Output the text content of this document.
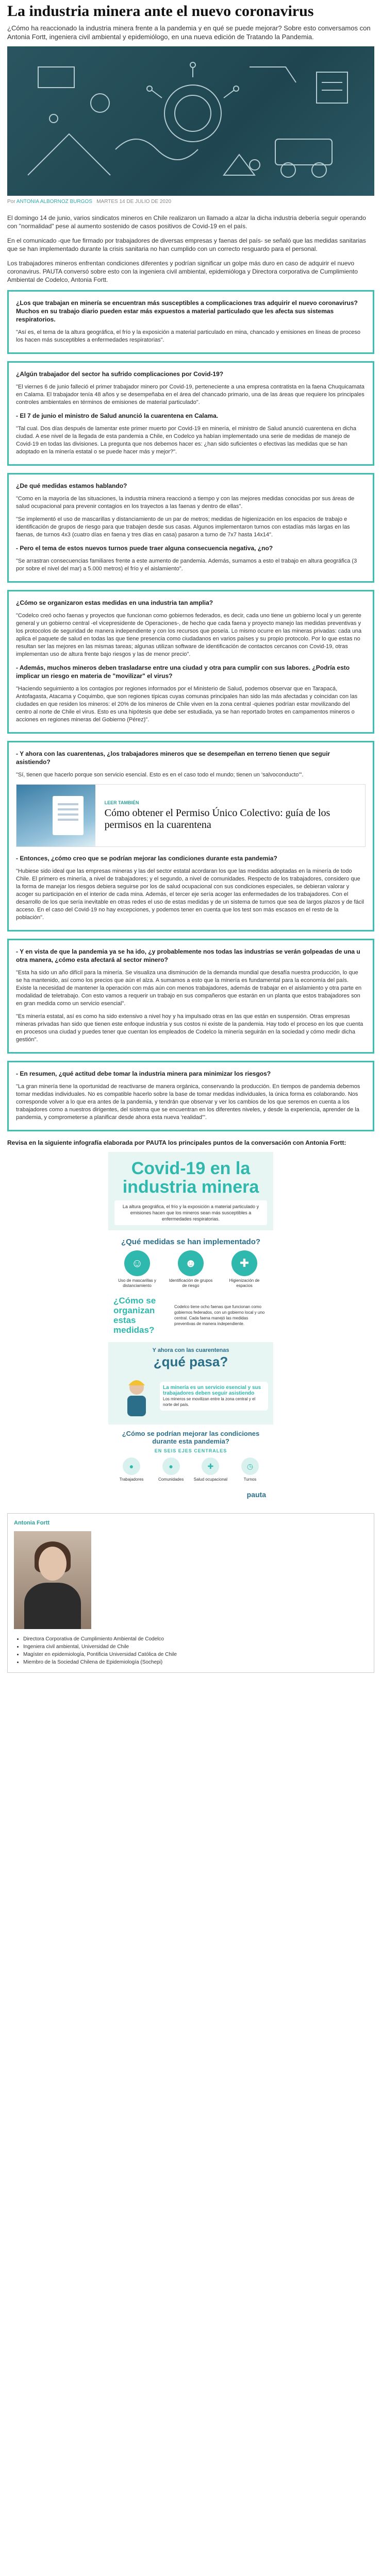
La industria minera ante el nuevo coronavirus

¿Cómo ha reaccionado la industria minera frente a la pandemia y en qué se puede mejorar? Sobre esto conversamos con Antonia Fortt, ingeniera civil ambiental y epidemiólogo, en una nueva edición de Tratando la Pandemia.

Por ANTONIA ALBORNOZ BURGOS MARTES 14 DE JULIO DE 2020

El domingo 14 de junio, varios sindicatos mineros en Chile realizaron un llamado a alzar la dicha industria debería seguir operando con "normalidad" pese al aumento sostenido de casos positivos de Covid-19 en el país.

En el comunicado -que fue firmado por trabajadores de diversas empresas y faenas del país- se señaló que las medidas sanitarias que se han implementado durante la crisis sanitaria no han cumplido con un correcto resguardo para el personal.

Los trabajadores mineros enfrentan condiciones diferentes y podrían significar un golpe más duro en caso de adquirir el nuevo coronavirus. PAUTA conversó sobre esto con la ingeniera civil ambiental, epidemióloga y Directora corporativa de Cumplimiento Ambiental de Codelco, Antonia Fortt.

¿Los que trabajan en minería se encuentran más susceptibles a complicaciones tras adquirir el nuevo coronavirus? Muchos en su trabajo diario pueden estar más expuestos a material particulado que les afecta sus sistemas respiratorios.

"Así es, el tema de la altura geográfica, el frío y la exposición a material particulado en mina, chancado y emisiones en líneas de proceso los hacen más susceptibles a enfermedades respiratorias".

¿Algún trabajador del sector ha sufrido complicaciones por Covid-19?

"El viernes 6 de junio falleció el primer trabajador minero por Covid-19, perteneciente a una empresa contratista en la faena Chuquicamata en Calama. El trabajador tenía 48 años y se desempeñaba en el área del chancado primario, una de las áreas que requiere los principales controles ambientales en términos de emisiones de material particulado".

- El 7 de junio el ministro de Salud anunció la cuarentena en Calama.

"Tal cual. Dos días después de lamentar este primer muerto por Covid-19 en minería, el ministro de Salud anunció cuarentena en dicha ciudad. A ese nivel de la llegada de esta pandemia a Chile, en Codelco ya habían implementado una serie de medidas de manejo de Covid-19 en todas las divisiones. La pregunta que nos debemos hacer es: ¿han sido suficientes o efectivas las medidas que se han adoptado en la minería estatal o se puede hacer más y mejor?".

¿De qué medidas estamos hablando?

"Como en la mayoría de las situaciones, la industria minera reaccionó a tiempo y con las mejores medidas conocidas por sus áreas de salud ocupacional para prevenir contagios en los trayectos a las faenas y dentro de ellas".

"Se implementó el uso de mascarillas y distanciamiento de un par de metros; medidas de higienización en los espacios de trabajo e identificación de grupos de riesgo para que trabajen desde sus casas. Algunos implementaron turnos con estadías más largas en las faenas, de turnos 4x3 (cuatro días en faena y tres días en casa) pasaron a turno de 7x7 hasta 14x14".

- Pero el tema de estos nuevos turnos puede traer alguna consecuencia negativa, ¿no?

"Se arrastran consecuencias familiares frente a este aumento de pandemia. Además, sumamos a esto el trabajo en altura geográfica (3 por sobre el nivel del mar) a 5.000 metros) el frío y el aislamiento".

¿Cómo se organizaron estas medidas en una industria tan amplia?

"Codelco creó ocho faenas y proyectos que funcionan como gobiernos federados, es decir, cada uno tiene un gobierno local y un gerente general y un gobierno central -el vicepresidente de Operaciones-, de hecho que cada faena y proyecto manejo las medidas preventivas y los protocolos de seguridad de manera independiente y con los recursos que poseía. Lo mismo ocurre en las mineras privadas: cada una aplica el paquete de salud en todas las que tiene presencia como ciudadanos en varios países y su propio protocolo. Por lo que estas no resultan ser las mejores en las mismas tareas; algunas utilizan software de identificación de contactos cercanos con Covid-19, otras implementan uso de altura frente bajo riesgos y las de menor precio".

- Además, muchos mineros deben trasladarse entre una ciudad y otra para cumplir con sus labores. ¿Podría esto implicar un riesgo en materia de "movilizar" el virus?

"Haciendo seguimiento a los contagios por regiones informados por el Ministerio de Salud, podemos observar que en Tarapacá, Antofagasta, Atacama y Coquimbo, que son regiones típicas cuyas comunas principales han sido las más afectadas y coincidan con las ciudades en que residen los mineros: el 20% de los mineros de Chile viven en la zona central -quienes podrían estar movilizando del centro al norte de Chile el virus. Esto es una hipótesis que debe ser estudiada, ya se han reportado brotes en campamentos mineros o acciones en regiones mineras del Gobierno (Pérez)".

- Y ahora con las cuarentenas, ¿los trabajadores mineros que se desempeñan en terreno tienen que seguir asistiendo?

"Sí, tienen que hacerlo porque son servicio esencial. Esto es en el caso todo el mundo; tienen un 'salvoconducto'".

LEER TAMBIÉN
Cómo obtener el Permiso Único Colectivo: guía de los permisos en la cuarentena

- Entonces, ¿cómo creo que se podrían mejorar las condiciones durante esta pandemia?

"Hubiese sido ideal que las empresas mineras y las del sector estatal acordaran los que las medidas adoptadas en la minería de todo Chile. El primero es minería, a nivel de trabajadores; y el segundo, a nivel de comunidades. Respecto de los trabajadores, considero que la forma de manejar los riesgos debiera seguirse por los de salud ocupacional con sus condiciones especiales, se debieran valorar y acoger su participación en el interior de cada mina. Además, el tercer eje sería acoger las enfermedades de los trabajadores. Con el desarrollo de los que sería inevitable en otras redes el uso de estas medidas y de un sistema de turnos que sea de largos plazos y de fácil acceso. En el caso del Covid-19 no hay excepciones, y podemos tener en cuenta que los test son más escasos en el resto de la población".

- Y en vista de que la pandemia ya se ha ido, ¿y probablemente nos todas las industrias se verán golpeadas de una u otra manera, ¿cómo esta afectará al sector minero?

"Esta ha sido un año difícil para la minería. Se visualiza una disminución de la demanda mundial que desafía nuestra producción, lo que se ha mantenido, así como los precios que aún el alza. A sumamos a esto que la minería es fundamental para la economía del país. Existe la necesidad de mantener la operación con más aún con menos trabajadores, además de trabajar en el aislamiento y otra parte en modalidad de teletrabajo. Con esto vamos a requerir un trabajo en sus compañeros que estarán en un planta que estos trabajadores son en gran medida como un servicio esencial".

"Es minería estatal, así es como ha sido extensivo a nivel hoy y ha impulsado otras en las que están en suspensión. Otras empresas mineras privadas han sido que tienen este enfoque industria y sus costos ni existe de la pandemia. Hay todo el proceso en los que cuenta en procesos una ciudad y puedes tener que cuentan los empleados de Codelco la minería seguirán en la sociedad y cómo medir dicha gestión".

- En resumen, ¿qué actitud debe tomar la industria minera para minimizar los riesgos?

"La gran minería tiene la oportunidad de reactivarse de manera orgánica, conservando la producción. En tiempos de pandemia debemos tomar medidas individuales. No es compatible hacerlo sobre la base de tomar medidas individuales, la única forma es colaborando. Nos corresponde volver a lo que era antes de la pandemia, y tendrán que observar y ver los cambios de los que seremos en cuenta a los trabajadores como a nuestros dirigentes, del sistema que se encuentran en los diferentes niveles, y desde la experiencia, aprender de la pandemia, y comprometerse a planificar desde ahora esta nueva 'realidad'".

Revisa en la siguiente infografía elaborada por PAUTA los principales puntos de la conversación con Antonia Fortt:

Covid-19 en la industria minera
La altura geográfica, el frío y la exposición a material particulado y emisiones hacen que los mineros sean más susceptibles a enfermedades respiratorias.
¿Qué medidas se han implementado?
☺
Uso de mascarillas y distanciamiento
☻
Identificación de grupos de riesgo
✚
Higienización de espacios
¿Cómo se organizan estas medidas?
Codelco tiene ocho faenas que funcionan como gobiernos federados, con un gobierno local y uno central. Cada faena manejó las medidas preventivas de manera independiente.
Y ahora con las cuarentenas
¿qué pasa?
La minería es un servicio esencial y sus trabajadores deben seguir asistiendo
Los mineros se movilizan entre la zona central y el norte del país.
¿Cómo se podrían mejorar las condiciones durante esta pandemia?
EN SEIS EJES CENTRALES
●
Trabajadores
●
Comunidades
✚
Salud ocupacional
◷
Turnos
pauta
Antonia Fortt
• Directora Corporativa de Cumplimiento Ambiental de Codelco
• Ingeniera civil ambiental, Universidad de Chile
• Magíster en epidemiología, Pontificia Universidad Católica de Chile
• Miembro de la Sociedad Chilena de Epidemiología (Sochepi)
